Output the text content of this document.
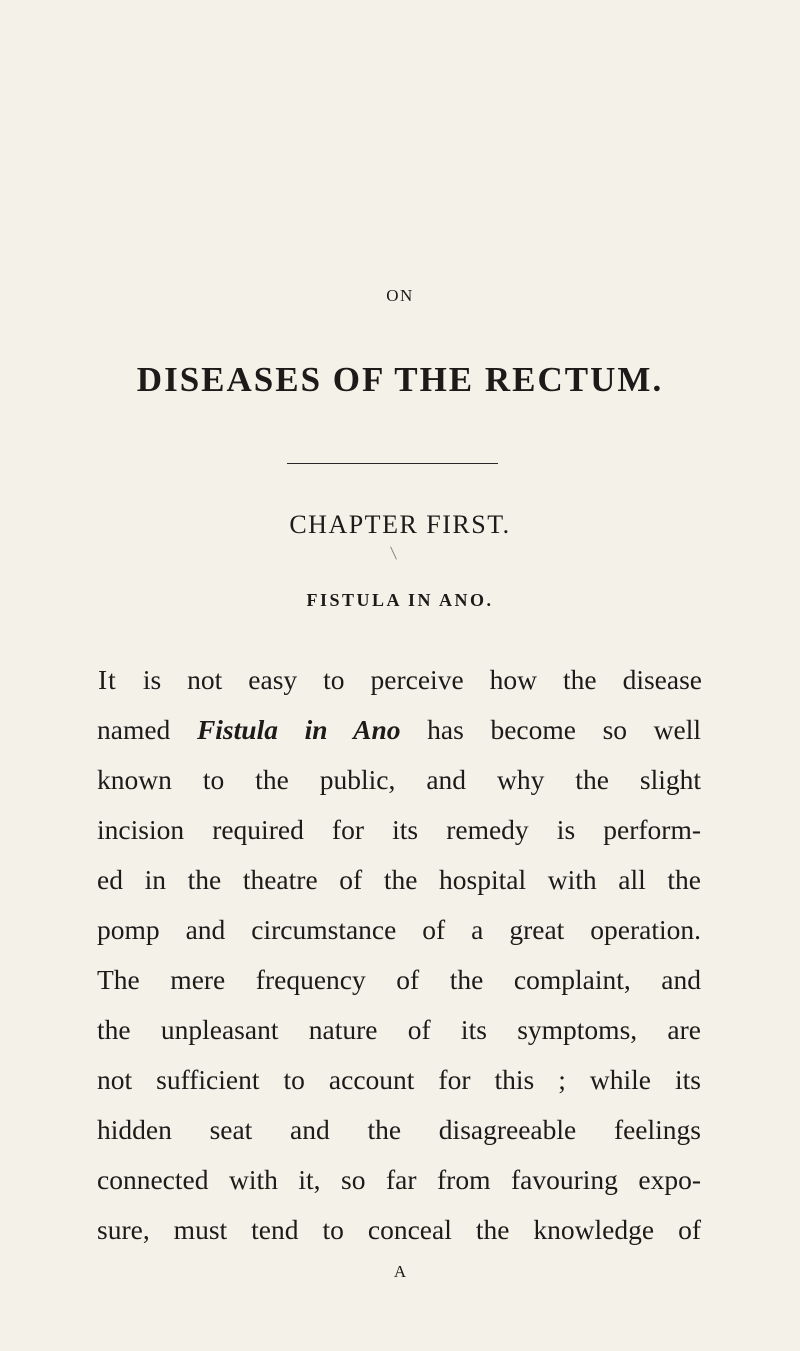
ON
DISEASES OF THE RECTUM.
CHAPTER FIRST.
FISTULA IN ANO.
It is not easy to perceive how the disease
named Fistula in Ano has become so well
known to the public, and why the slight
incision required for its remedy is perform-
ed in the theatre of the hospital with all the
pomp and circumstance of a great operation.
The mere frequency of the complaint, and
the unpleasant nature of its symptoms, are
not sufficient to account for this ; while its
hidden seat and the disagreeable feelings
connected with it, so far from favouring expo-
sure, must tend to conceal the knowledge of
A
